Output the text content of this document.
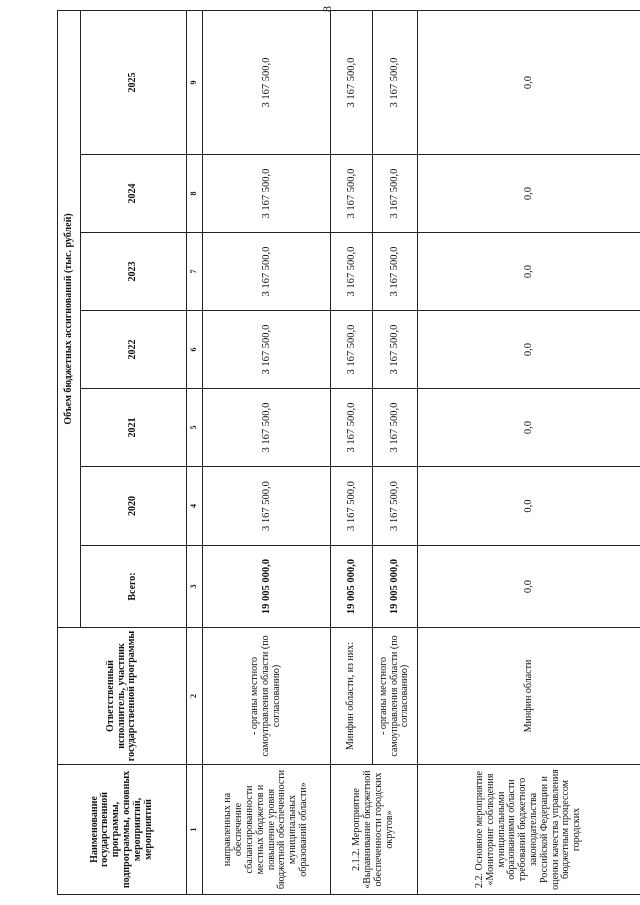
8
Наименование государственной программы, подпрограммы, основных мероприятий, мероприятий	Ответственный исполнитель, участник государственной программы	Объем бюджетных ассигнований (тыс. рублей)						
		Всего:	2020	2021	2022	2023	2024	2025
1	2	3	4	5	6	7	8	9
направленных на обеспечение сбалансированности местных бюджетов и повышение уровня бюджетной обеспеченности муниципальных образований области»	- органы местного самоуправления области (по согласованию)	19 005 000,0	3 167 500,0	3 167 500,0	3 167 500,0	3 167 500,0	3 167 500,0	3 167 500,0
2.1.2. Мероприятие «Выравнивание бюджетной обеспеченности городских округов»	Минфин области, из них:	19 005 000,0	3 167 500,0	3 167 500,0	3 167 500,0	3 167 500,0	3 167 500,0	3 167 500,0
	- органы местного самоуправления области (по согласованию)	19 005 000,0	3 167 500,0	3 167 500,0	3 167 500,0	3 167 500,0	3 167 500,0	3 167 500,0
2.2. Основное мероприятие «Мониторинг соблюдения муниципальными образованиями области требований бюджетного законодательства Российской Федерации и оценки качества управления бюджетным процессом городских	Минфин области	0,0	0,0	0,0	0,0	0,0	0,0	0,0
